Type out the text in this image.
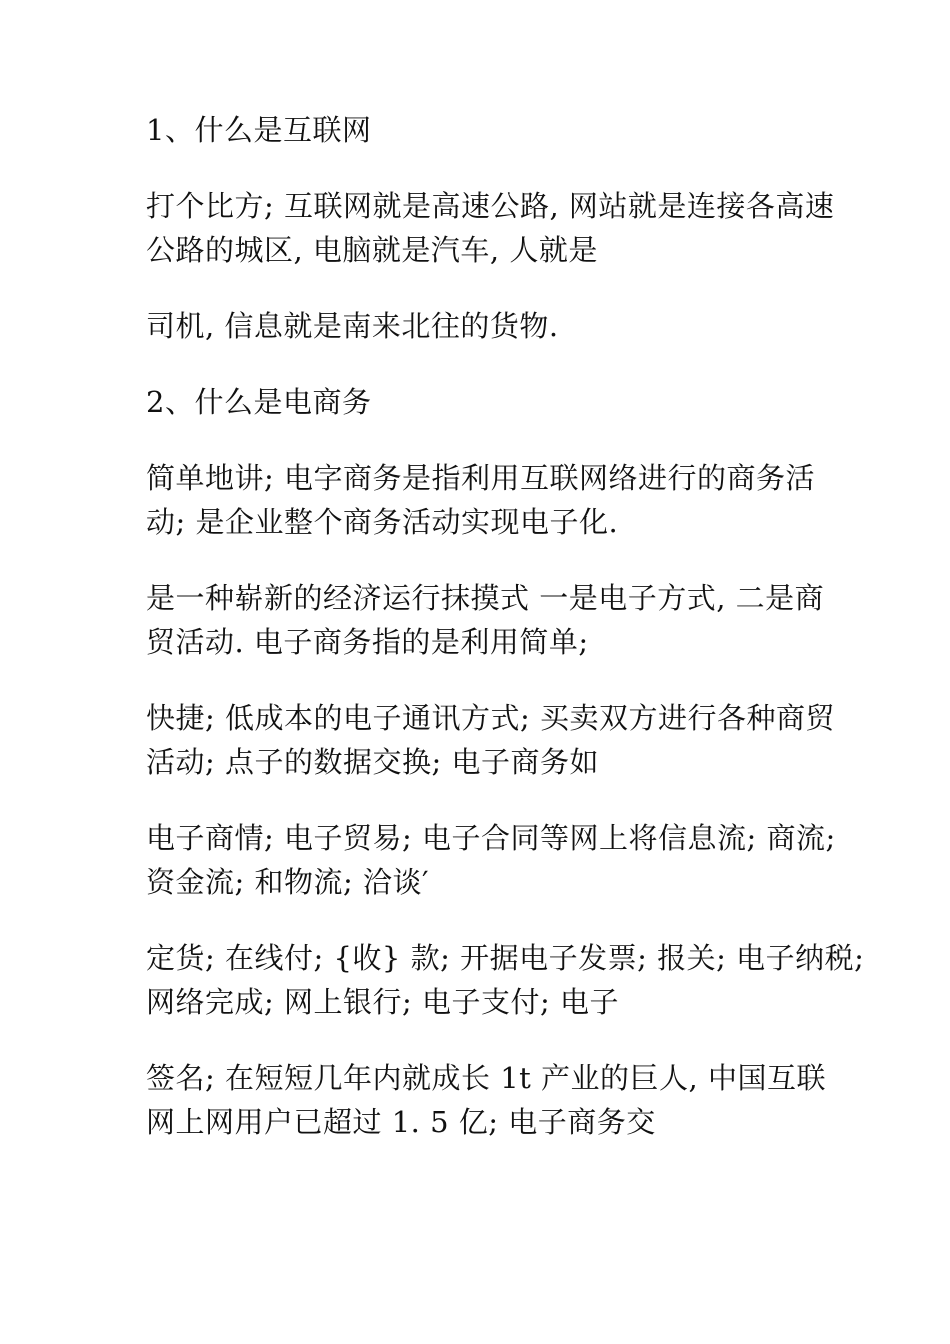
1、什么是互联网

打个比方; 互联网就是高速公路, 网站就是连接各高速
公路的城区, 电脑就是汽车, 人就是

司机, 信息就是南来北往的货物.

2、什么是电商务

简单地讲; 电字商务是指利用互联网络进行的商务活
动; 是企业整个商务活动实现电子化.

是一种崭新的经济运行抹摸式 一是电子方式, 二是商
贸活动. 电子商务指的是利用简单;

快捷; 低成本的电子通讯方式; 买卖双方进行各种商贸
活动; 点子的数据交换; 电子商务如

电子商情; 电子贸易; 电子合同等网上将信息流; 商流;
资金流; 和物流; 洽谈′

定货; 在线付; {收} 款; 开据电子发票; 报关; 电子纳税;
网络完成; 网上银行; 电子支付; 电子

签名; 在短短几年内就成长 1t 产业的巨人, 中国互联
网上网用户已超过 1. 5 亿; 电子商务交
